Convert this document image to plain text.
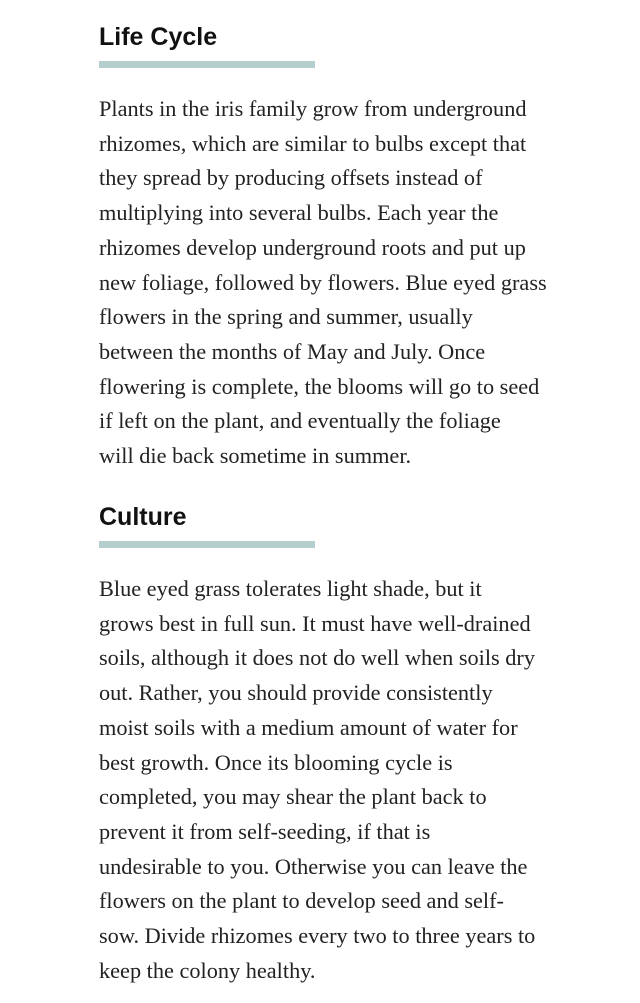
Life Cycle

Plants in the iris family grow from underground
rhizomes, which are similar to bulbs except that
they spread by producing offsets instead of
multiplying into several bulbs. Each year the
rhizomes develop underground roots and put up
new foliage, followed by flowers. Blue eyed grass
flowers in the spring and summer, usually
between the months of May and July. Once
flowering is complete, the blooms will go to seed
if left on the plant, and eventually the foliage
will die back sometime in summer.

Culture

Blue eyed grass tolerates light shade, but it
grows best in full sun. It must have well-drained
soils, although it does not do well when soils dry
out. Rather, you should provide consistently
moist soils with a medium amount of water for
best growth. Once its blooming cycle is
completed, you may shear the plant back to
prevent it from self-seeding, if that is
undesirable to you. Otherwise you can leave the
flowers on the plant to develop seed and self-
sow. Divide rhizomes every two to three years to
keep the colony healthy.
